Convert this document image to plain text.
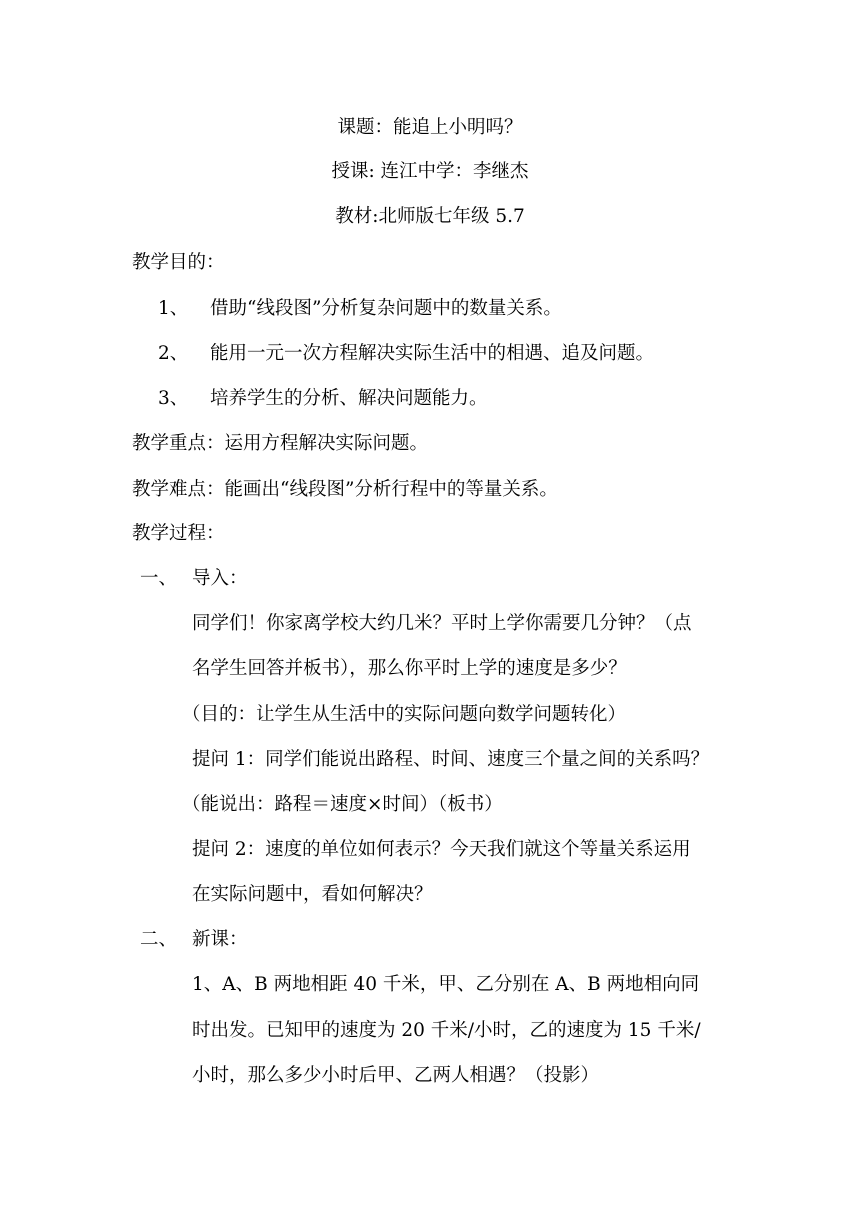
课题：能追上小明吗？
授课: 连江中学：李继杰
教材:北师版七年级 5.7
教学目的：
1、 借助“线段图”分析复杂问题中的数量关系。
2、 能用一元一次方程解决实际生活中的相遇、追及问题。
3、 培养学生的分析、解决问题能力。
教学重点：运用方程解决实际问题。
教学难点：能画出“线段图”分析行程中的等量关系。
教学过程：
一、 导入：
同学们！你家离学校大约几米？平时上学你需要几分钟？（点
名学生回答并板书），那么你平时上学的速度是多少？
（目的：让学生从生活中的实际问题向数学问题转化）
提问 1：同学们能说出路程、时间、速度三个量之间的关系吗？
（能说出：路程＝速度×时间）（板书）
提问 2：速度的单位如何表示？今天我们就这个等量关系运用
在实际问题中，看如何解决？
二、 新课：
1、A、B 两地相距 40 千米，甲、乙分别在 A、B 两地相向同
时出发。已知甲的速度为 20 千米/小时，乙的速度为 15 千米/
小时，那么多少小时后甲、乙两人相遇？（投影）
